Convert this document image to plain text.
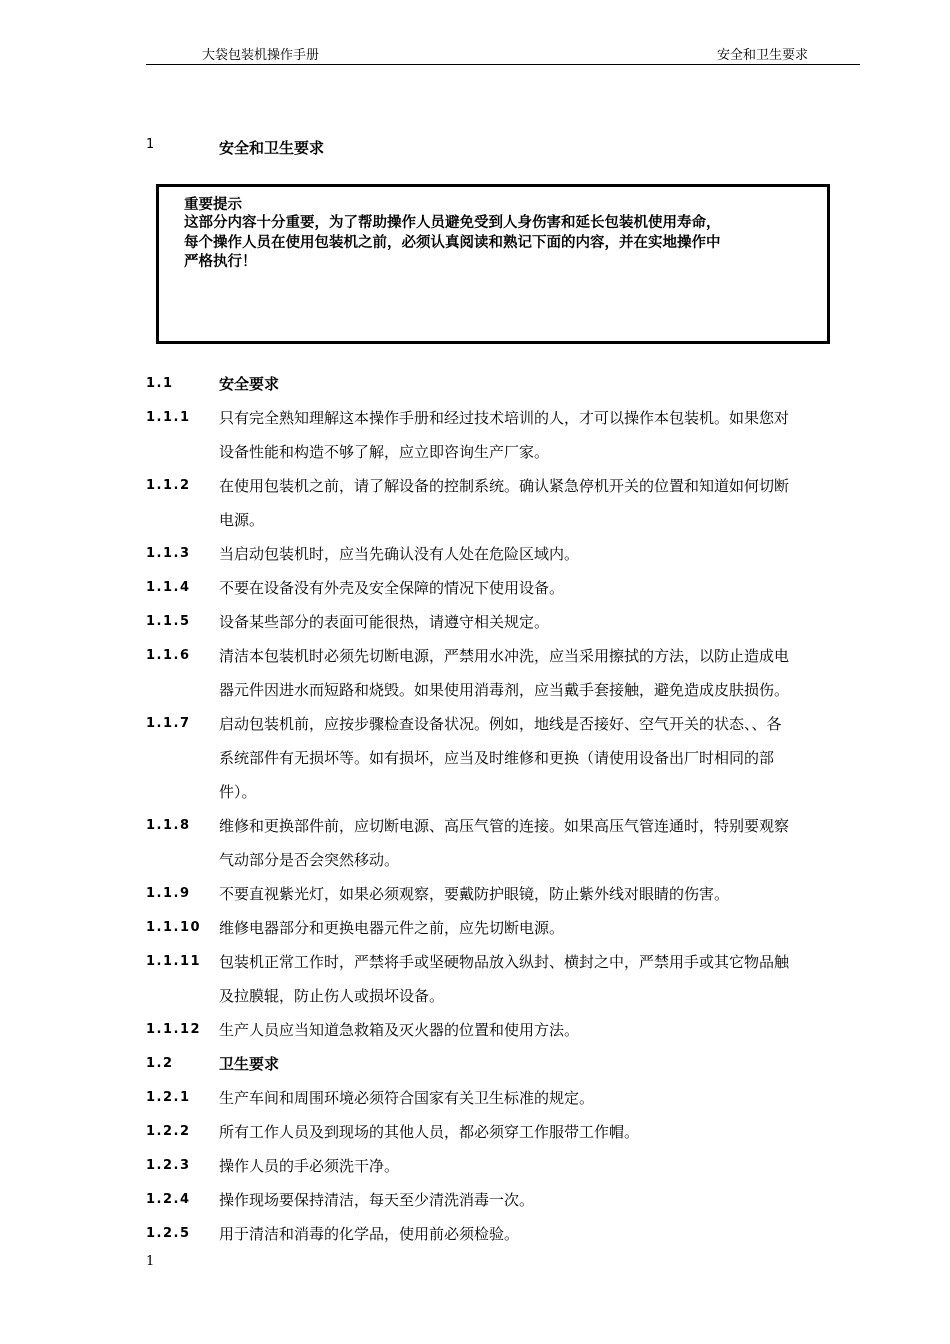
大袋包装机操作手册	安全和卫生要求
1	安全和卫生要求
重要提示
这部分内容十分重要，为了帮助操作人员避免受到人身伤害和延长包装机使用寿命，
每个操作人员在使用包装机之前，必须认真阅读和熟记下面的内容，并在实地操作中
严格执行！
1.1	安全要求
1.1.1 只有完全熟知理解这本操作手册和经过技术培训的人，才可以操作本包装机。如果您对
设备性能和构造不够了解，应立即咨询生产厂家。
1.1.2 在使用包装机之前，请了解设备的控制系统。确认紧急停机开关的位置和知道如何切断
电源。
1.1.3 当启动包装机时，应当先确认没有人处在危险区域内。
1.1.4 不要在设备没有外壳及安全保障的情况下使用设备。
1.1.5 设备某些部分的表面可能很热，请遵守相关规定。
1.1.6 清洁本包装机时必须先切断电源，严禁用水冲洗，应当采用擦拭的方法，以防止造成电
器元件因进水而短路和烧毁。如果使用消毒剂，应当戴手套接触，避免造成皮肤损伤。
1.1.7 启动包装机前，应按步骤检查设备状况。例如，地线是否接好、空气开关的状态、、各
系统部件有无损坏等。如有损坏，应当及时维修和更换（请使用设备出厂时相同的部
件）。
1.1.8 维修和更换部件前，应切断电源、高压气管的连接。如果高压气管连通时，特别要观察
气动部分是否会突然移动。
1.1.9 不要直视紫光灯，如果必须观察，要戴防护眼镜，防止紫外线对眼睛的伤害。
1.1.10 维修电器部分和更换电器元件之前，应先切断电源。
1.1.11 包装机正常工作时，严禁将手或坚硬物品放入纵封、横封之中，严禁用手或其它物品触
及拉膜辊，防止伤人或损坏设备。
1.1.12 生产人员应当知道急救箱及灭火器的位置和使用方法。
1.2	卫生要求
1.2.1 生产车间和周围环境必须符合国家有关卫生标准的规定。
1.2.2 所有工作人员及到现场的其他人员，都必须穿工作服带工作帽。
1.2.3 操作人员的手必须洗干净。
1.2.4 操作现场要保持清洁，每天至少清洗消毒一次。
1.2.5 用于清洁和消毒的化学品，使用前必须检验。
1
